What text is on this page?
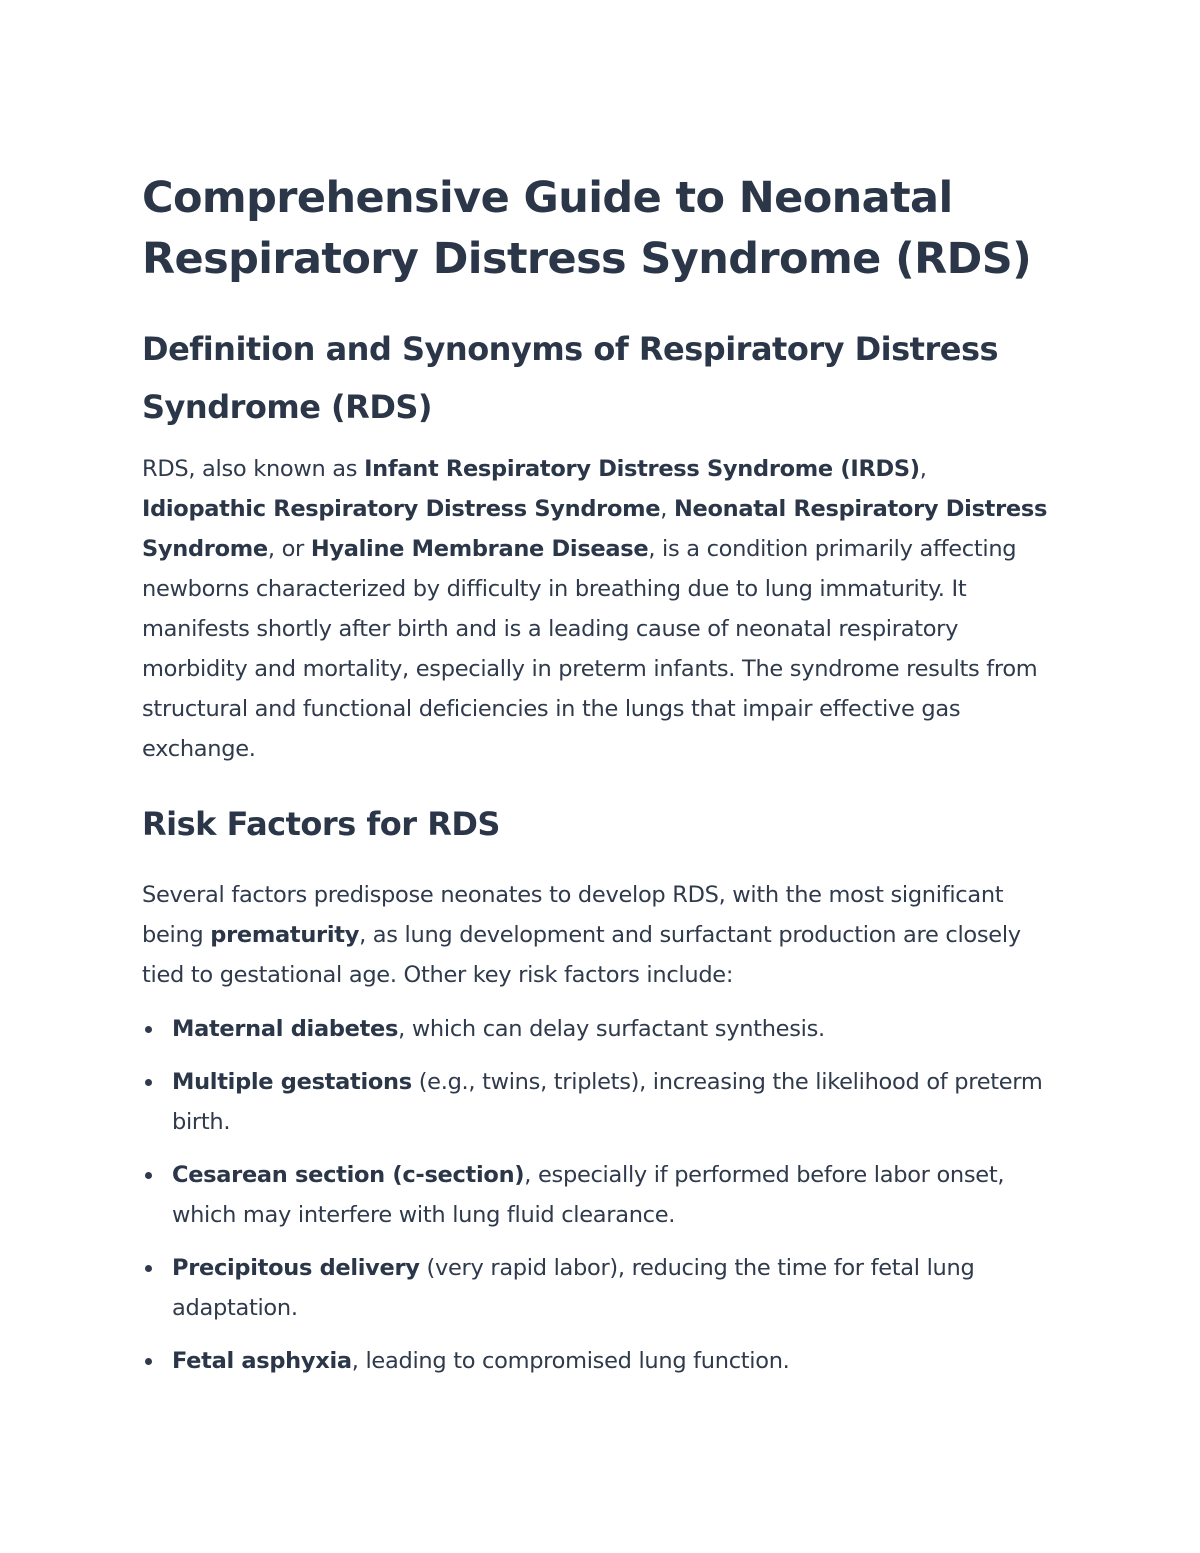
Comprehensive Guide to Neonatal Respiratory Distress Syndrome (RDS)
Definition and Synonyms of Respiratory Distress Syndrome (RDS)

RDS, also known as Infant Respiratory Distress Syndrome (IRDS), Idiopathic Respiratory Distress Syndrome, Neonatal Respiratory Distress Syndrome, or Hyaline Membrane Disease, is a condition primarily affecting newborns characterized by difficulty in breathing due to lung immaturity. It manifests shortly after birth and is a leading cause of neonatal respiratory morbidity and mortality, especially in preterm infants. The syndrome results from structural and functional deficiencies in the lungs that impair effective gas exchange.

Risk Factors for RDS

Several factors predispose neonates to develop RDS, with the most significant being prematurity, as lung development and surfactant production are closely tied to gestational age. Other key risk factors include:

Maternal diabetes, which can delay surfactant synthesis.
Multiple gestations (e.g., twins, triplets), increasing the likelihood of preterm birth.
Cesarean section (c-section), especially if performed before labor onset, which may interfere with lung fluid clearance.
Precipitous delivery (very rapid labor), reducing the time for fetal lung adaptation.
Fetal asphyxia, leading to compromised lung function.
